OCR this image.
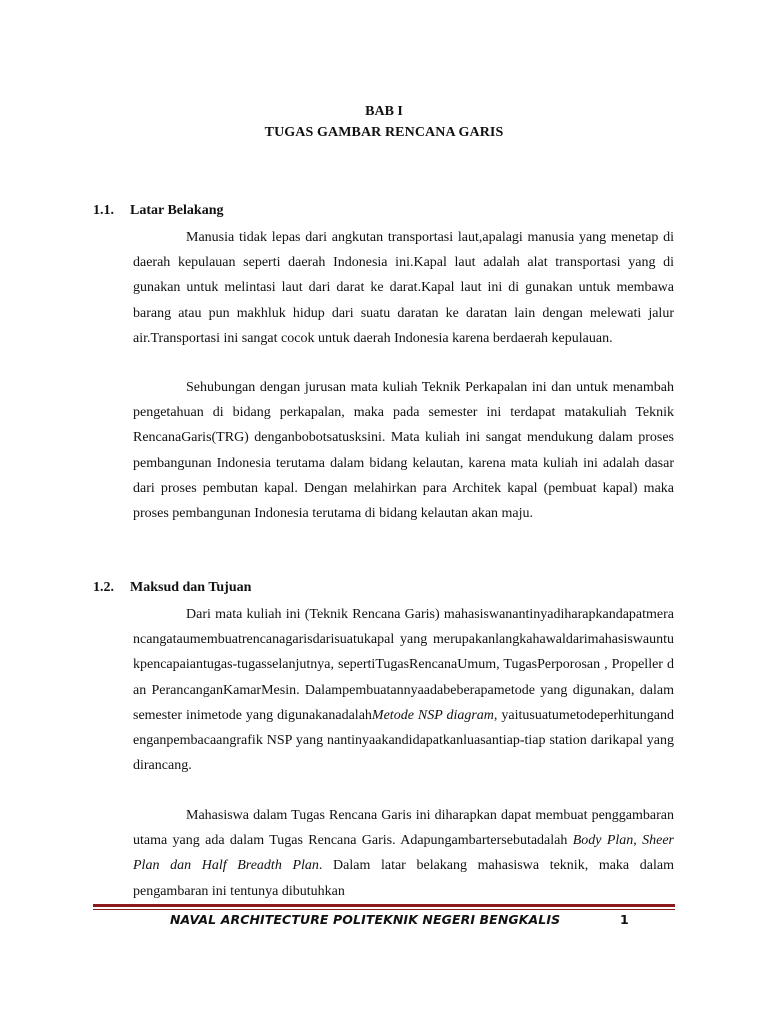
BAB I
TUGAS GAMBAR RENCANA GARIS
1.1. Latar Belakang

Manusia tidak lepas dari angkutan transportasi laut,apalagi manusia yang menetap di daerah kepulauan seperti daerah Indonesia ini.Kapal laut adalah alat transportasi yang di gunakan untuk melintasi laut dari darat ke darat.Kapal laut ini di gunakan untuk membawa barang atau pun makhluk hidup dari suatu daratan ke daratan lain dengan melewati jalur air.Transportasi ini sangat cocok untuk daerah Indonesia karena berdaerah kepulauan.

Sehubungan dengan jurusan mata kuliah Teknik Perkapalan ini dan untuk menambah pengetahuan di bidang perkapalan, maka pada semester ini terdapat matakuliah Teknik RencanaGaris(TRG) denganbobotsatusksini. Mata kuliah ini sangat mendukung dalam proses pembangunan Indonesia terutama dalam bidang kelautan, karena mata kuliah ini adalah dasar dari proses pembutan kapal. Dengan melahirkan para Architek kapal (pembuat kapal) maka proses pembangunan Indonesia terutama di bidang kelautan akan maju.

1.2. Maksud dan Tujuan

Dari mata kuliah ini (Teknik Rencana Garis) mahasiswanantinyadiharapkandapatmerancangataumembuatrencanagarisdarisuatukapal yang merupakanlangkahawaldarimahasiswauntukpencapaiantugas-tugasselanjutnya, sepertiTugasRencanaUmum, TugasPerporosan , Propeller dan PerancanganKamarMesin. Dalampembuatannyaadabeberapametode yang digunakan, dalam semester inimetode yang digunakanadalahMetode NSP diagram, yaitusuatumetodeperhitungandenganpembacaangrafik NSP yang nantinyaakandidapatkanluasantiap-tiap station darikapal yang dirancang.

Mahasiswa dalam Tugas Rencana Garis ini diharapkan dapat membuat penggambaran utama yang ada dalam Tugas Rencana Garis. Adapungambartersebutadalah Body Plan, Sheer Plan dan Half Breadth Plan. Dalam latar belakang mahasiswa teknik, maka dalam pengambaran ini tentunya dibutuhkan

NAVAL ARCHITECTURE POLITEKNIK NEGERI BENGKALIS	1
